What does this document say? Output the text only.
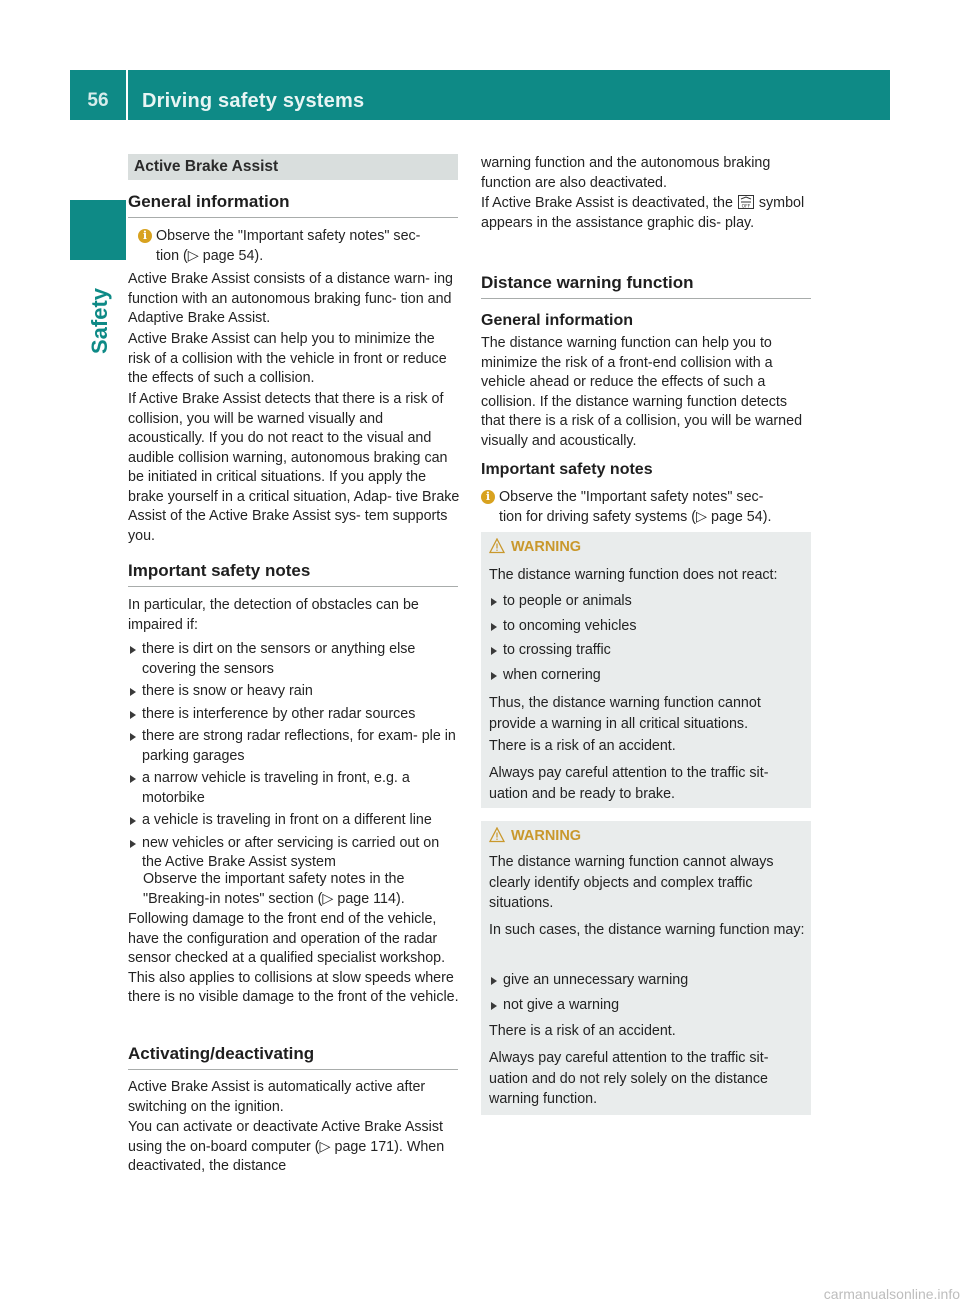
56	Driving safety systems
Safety
Active Brake Assist
General information
i Observe the "Important safety notes" sec-
tion (▷ page 54).

Active Brake Assist consists of a distance warn- ing function with an autonomous braking func- tion and Adaptive Brake Assist.

Active Brake Assist can help you to minimize the risk of a collision with the vehicle in front or reduce the effects of such a collision.

If Active Brake Assist detects that there is a risk of collision, you will be warned visually and acoustically. If you do not react to the visual and audible collision warning, autonomous braking can be initiated in critical situations. If you apply the brake yourself in a critical situation, Adap- tive Brake Assist of the Active Brake Assist sys- tem supports you.

Important safety notes

In particular, the detection of obstacles can be impaired if:

there is dirt on the sensors or anything else covering the sensors
there is snow or heavy rain
there is interference by other radar sources
there are strong radar reflections, for exam- ple in parking garages
a narrow vehicle is traveling in front, e.g. a motorbike
a vehicle is traveling in front on a different line
new vehicles or after servicing is carried out on the Active Brake Assist system

Observe the important safety notes in the "Breaking-in notes" section (▷ page 114).

Following damage to the front end of the vehicle, have the configuration and operation of the radar sensor checked at a qualified specialist workshop. This also applies to collisions at slow speeds where there is no visible damage to the front of the vehicle.

Activating/deactivating

Active Brake Assist is automatically active after switching on the ignition.

You can activate or deactivate Active Brake Assist using the on-board computer (▷ page 171). When deactivated, the distance

warning function and the autonomous braking function are also deactivated.

If Active Brake Assist is deactivated, the OFF symbol appears in the assistance graphic dis- play.

Distance warning function
General information

The distance warning function can help you to minimize the risk of a front-end collision with a vehicle ahead or reduce the effects of such a collision. If the distance warning function detects that there is a risk of a collision, you will be warned visually and acoustically.

Important safety notes
i Observe the "Important safety notes" sec-
tion for driving safety systems (▷ page 54).
WARNING

The distance warning function does not react:

to people or animals
to oncoming vehicles
to crossing traffic
when cornering

Thus, the distance warning function cannot provide a warning in all critical situations.

There is a risk of an accident.

Always pay careful attention to the traffic sit- uation and be ready to brake.

WARNING

The distance warning function cannot always clearly identify objects and complex traffic situations.

In such cases, the distance warning function may:

give an unnecessary warning
not give a warning

There is a risk of an accident.

Always pay careful attention to the traffic sit- uation and do not rely solely on the distance warning function.

carmanualsonline.info
